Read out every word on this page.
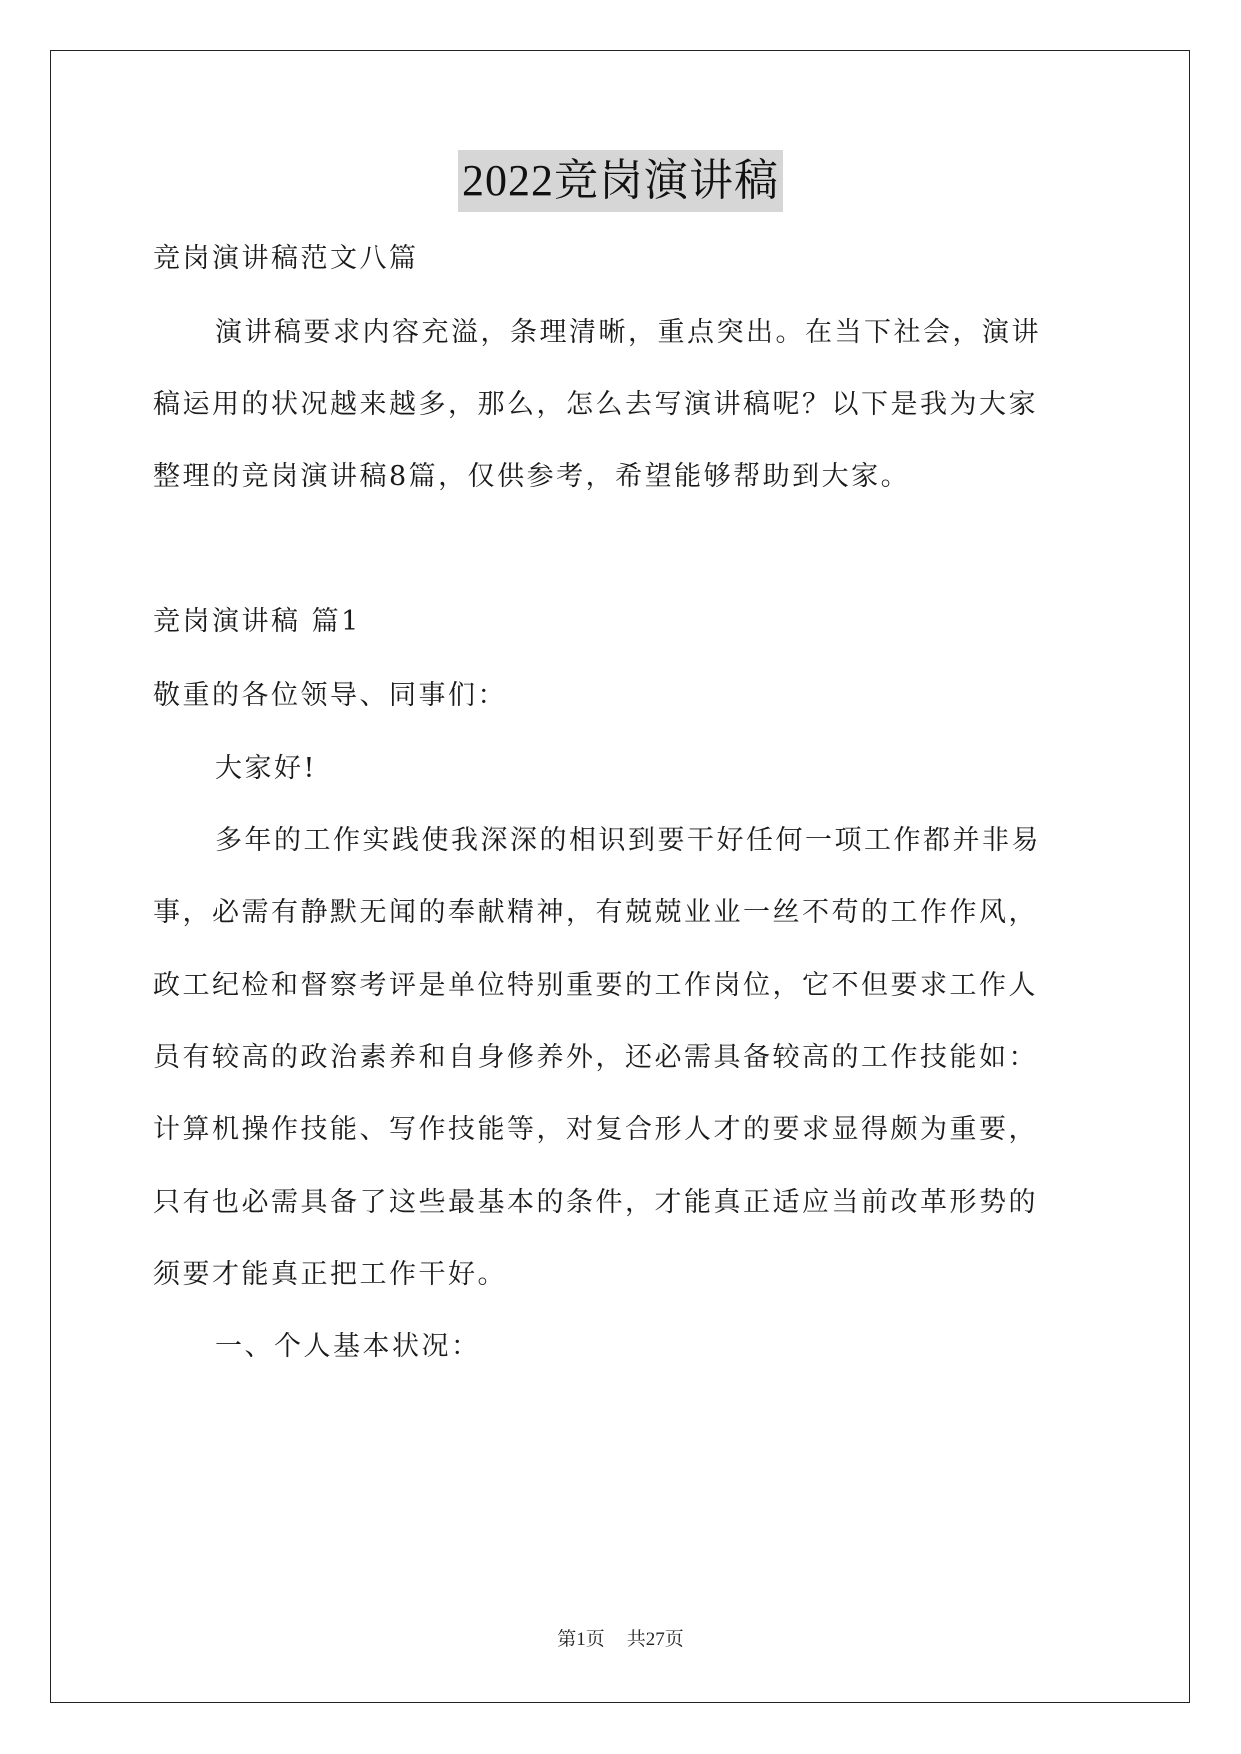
2022竞岗演讲稿
竞岗演讲稿范文八篇
演讲稿要求内容充溢，条理清晰，重点突出。在当下社会，演讲
稿运用的状况越来越多，那么，怎么去写演讲稿呢？以下是我为大家
整理的竞岗演讲稿8篇，仅供参考，希望能够帮助到大家。
竞岗演讲稿 篇1
敬重的各位领导、同事们：
大家好!
多年的工作实践使我深深的相识到要干好任何一项工作都并非易
事，必需有静默无闻的奉献精神，有兢兢业业一丝不苟的工作作风，
政工纪检和督察考评是单位特别重要的工作岗位，它不但要求工作人
员有较高的政治素养和自身修养外，还必需具备较高的工作技能如：
计算机操作技能、写作技能等，对复合形人才的要求显得颇为重要，
只有也必需具备了这些最基本的条件，才能真正适应当前改革形势的
须要才能真正把工作干好。
一、个人基本状况：
第1页 共27页
